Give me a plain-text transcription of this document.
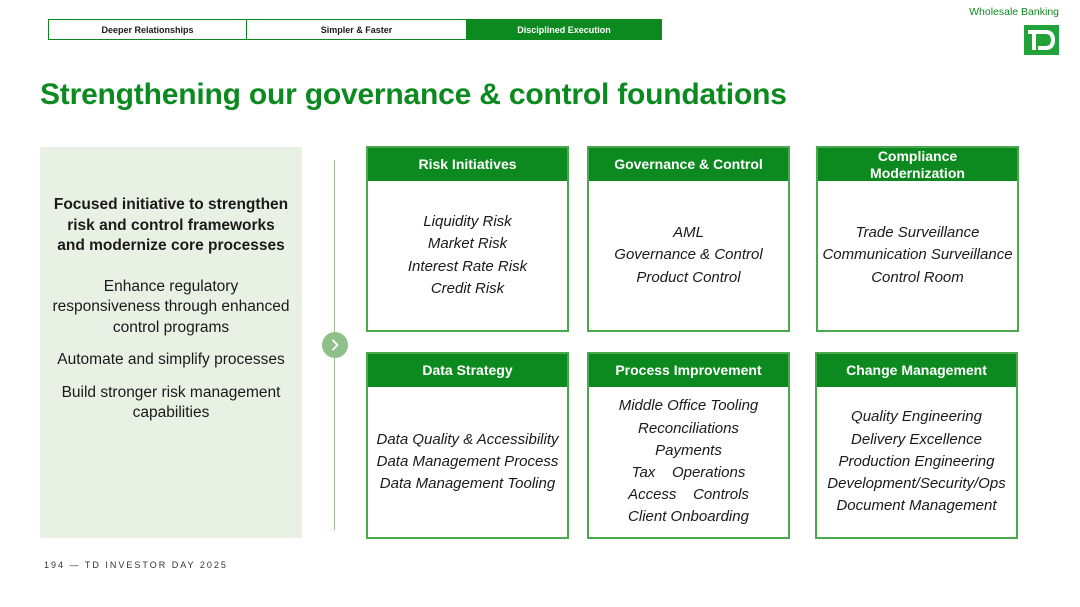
Deeper Relationships	Simpler & Faster	Disciplined Execution
Wholesale Banking
Strengthening our governance & control foundations

Focused initiative to strengthen risk and control frameworks and modernize core processes

Enhance regulatory responsiveness through enhanced control programs

Automate and simplify processes

Build stronger risk management capabilities

Risk Initiatives
Liquidity Risk
Market Risk
Interest Rate Risk
Credit Risk
Governance & Control
AML
Governance & Control
Product Control
Compliance Modernization
Trade Surveillance
Communication Surveillance
Control Room
Data Strategy
Data Quality & Accessibility
Data Management Process
Data Management Tooling
Process Improvement
Middle Office Tooling
Reconciliations
Payments
Tax    Operations
Access    Controls
Client Onboarding
Change Management
Quality Engineering
Delivery Excellence
Production Engineering
Development/Security/Ops
Document Management
194 — TD INVESTOR DAY 2025
